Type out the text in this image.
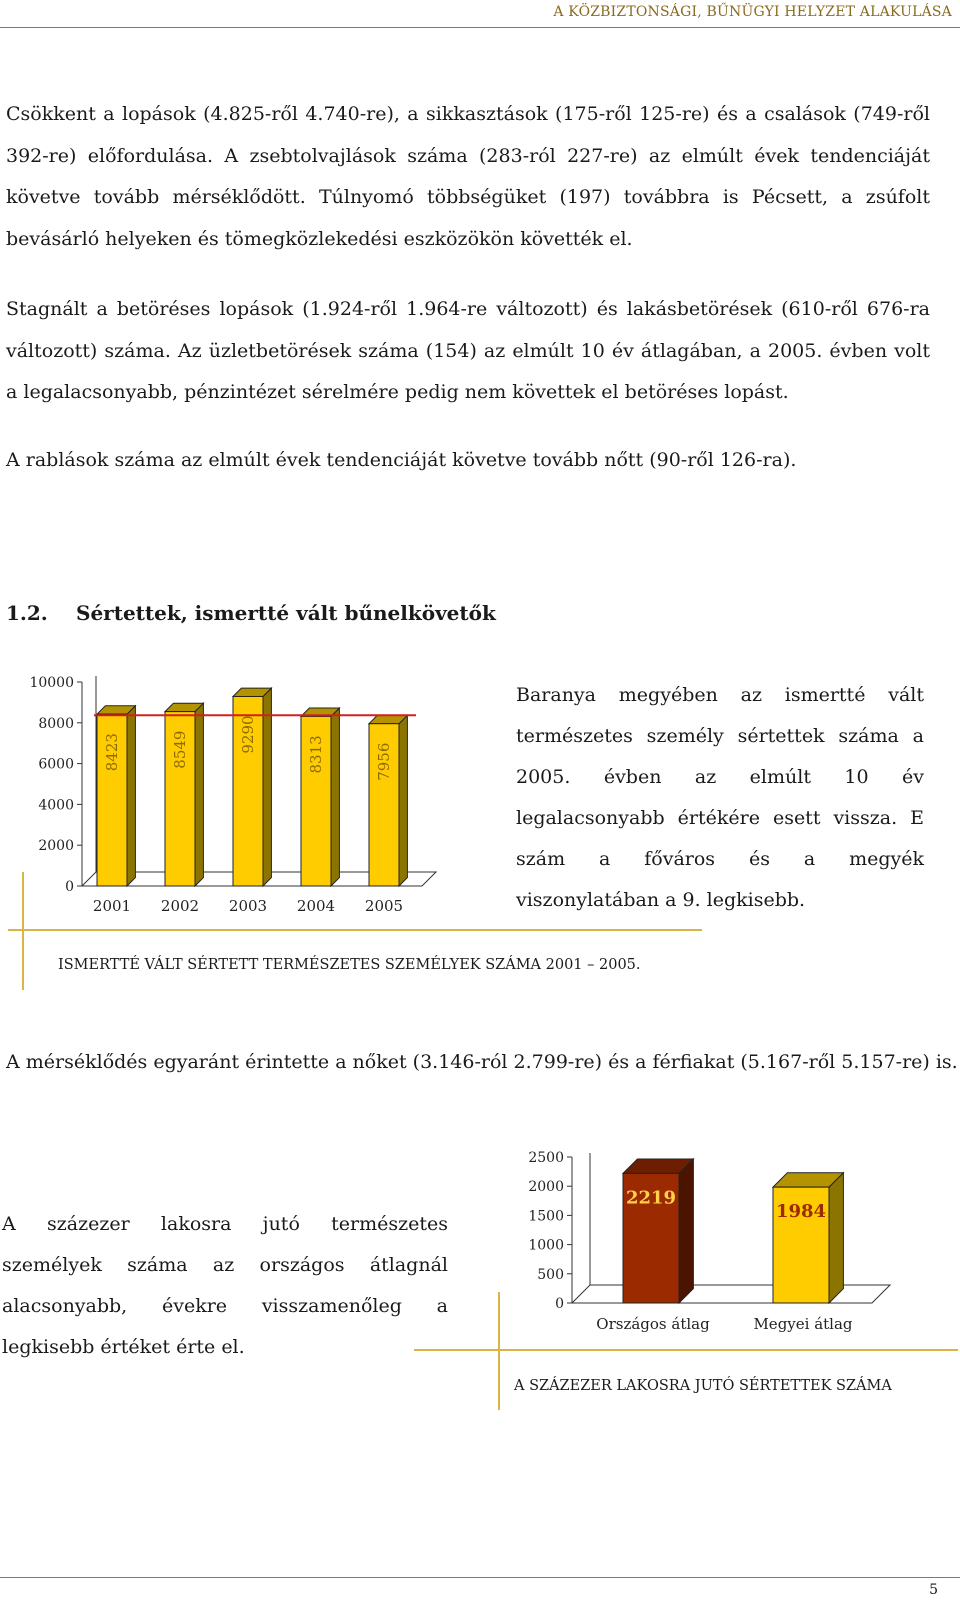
A KÖZBIZTONSÁGI, BŰNÜGYI HELYZET ALAKULÁSA

Csökkent a lopások (4.825-ről 4.740-re), a sikkasztások (175-ről 125-re) és a csalások (749-ről 392-re) előfordulása. A zsebtolvajlások száma (283-ról 227-re) az elmúlt évek tendenciáját követve tovább mérséklődött. Túlnyomó többségüket (197) továbbra is Pécsett, a zsúfolt bevásárló helyeken és tömegközlekedési eszközökön követték el.

Stagnált a betöréses lopások (1.924-ről 1.964-re változott) és lakásbetörések (610-ről 676-ra változott) száma. Az üzletbetörések száma (154) az elmúlt 10 év átlagában, a 2005. évben volt a legalacsonyabb, pénzintézet sérelmére pedig nem követtek el betöréses lopást.

A rablások száma az elmúlt évek tendenciáját követve tovább nőtt (90-ről 126-ra).

1.2. Sértettek, ismertté vált bűnelkövetők
0
2000
4000
6000
8000
10000
8423
2001
8549
2002
9290
2003
8313
2004
7956
2005

Baranya megyében az ismertté vált természetes személy sértettek száma a 2005. évben az elmúlt 10 év legalacsonyabb értékére esett vissza. E szám a főváros és a megyék viszonylatában a 9. legkisebb.

ISMERTTÉ VÁLT SÉRTETT TERMÉSZETES SZEMÉLYEK SZÁMA 2001 – 2005.

A mérséklődés egyaránt érintette a nőket (3.146-ról 2.799-re) és a férfiakat (5.167-ről 5.157-re) is.

A százezer lakosra jutó természetes személyek száma az országos átlagnál alacsonyabb, évekre visszamenőleg a legkisebb értéket érte el.

0
500
1000
1500
2000
2500
2219
Országos átlag
1984
Megyei átlag
A SZÁZEZER LAKOSRA JUTÓ SÉRTETTEK SZÁMA
5
